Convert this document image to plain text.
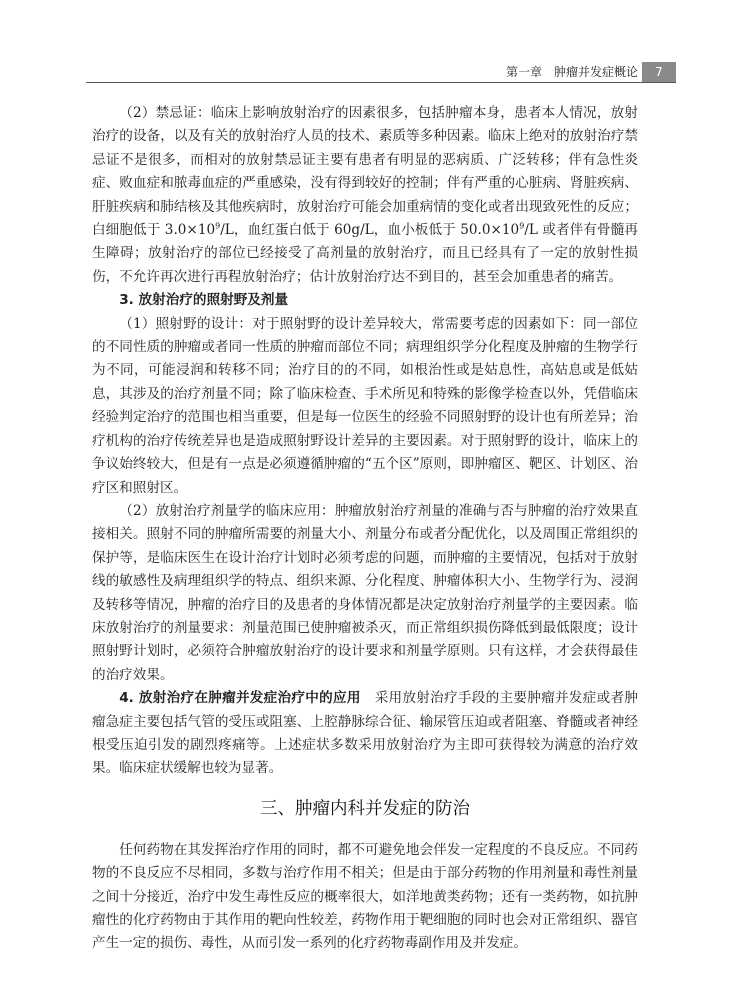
第一章　肿瘤并发症概论	7

（2）禁忌证：临床上影响放射治疗的因素很多，包括肿瘤本身，患者本人情况，放射治疗的设备，以及有关的放射治疗人员的技术、素质等多种因素。临床上绝对的放射治疗禁忌证不是很多，而相对的放射禁忌证主要有患者有明显的恶病质、广泛转移；伴有急性炎症、败血症和脓毒血症的严重感染，没有得到较好的控制；伴有严重的心脏病、肾脏疾病、肝脏疾病和肺结核及其他疾病时，放射治疗可能会加重病情的变化或者出现致死性的反应；白细胞低于 $3.0\times 10^9/L$，血红蛋白低于 60g/L，血小板低于 $50.0\times 10^9/L$ 或者伴有骨髓再生障碍；放射治疗的部位已经接受了高剂量的放射治疗，而且已经具有了一定的放射性损伤，不允许再次进行再程放射治疗；估计放射治疗达不到目的，甚至会加重患者的痛苦。

3. 放射治疗的照射野及剂量

（1）照射野的设计：对于照射野的设计差异较大，常需要考虑的因素如下：同一部位的不同性质的肿瘤或者同一性质的肿瘤而部位不同；病理组织学分化程度及肿瘤的生物学行为不同，可能浸润和转移不同；治疗目的的不同，如根治性或是姑息性，高姑息或是低姑息，其涉及的治疗剂量不同；除了临床检查、手术所见和特殊的影像学检查以外，凭借临床经验判定治疗的范围也相当重要，但是每一位医生的经验不同照射野的设计也有所差异；治疗机构的治疗传统差异也是造成照射野设计差异的主要因素。对于照射野的设计，临床上的争议始终较大，但是有一点是必须遵循肿瘤的“五个区”原则，即肿瘤区、靶区、计划区、治疗区和照射区。

（2）放射治疗剂量学的临床应用：肿瘤放射治疗剂量的准确与否与肿瘤的治疗效果直接相关。照射不同的肿瘤所需要的剂量大小、剂量分布或者分配优化，以及周围正常组织的保护等，是临床医生在设计治疗计划时必须考虑的问题，而肿瘤的主要情况，包括对于放射线的敏感性及病理组织学的特点、组织来源、分化程度、肿瘤体积大小、生物学行为、浸润及转移等情况，肿瘤的治疗目的及患者的身体情况都是决定放射治疗剂量学的主要因素。临床放射治疗的剂量要求：剂量范围已使肿瘤被杀灭，而正常组织损伤降低到最低限度；设计照射野计划时，必须符合肿瘤放射治疗的设计要求和剂量学原则。只有这样，才会获得最佳的治疗效果。

4. 放射治疗在肿瘤并发症治疗中的应用　 采用放射治疗手段的主要肿瘤并发症或者肿瘤急症主要包括气管的受压或阻塞、上腔静脉综合征、输尿管压迫或者阻塞、脊髓或者神经根受压迫引发的剧烈疼痛等。上述症状多数采用放射治疗为主即可获得较为满意的治疗效果。临床症状缓解也较为显著。

三、肿瘤内科并发症的防治

任何药物在其发挥治疗作用的同时，都不可避免地会伴发一定程度的不良反应。不同药物的不良反应不尽相同，多数与治疗作用不相关；但是由于部分药物的作用剂量和毒性剂量之间十分接近，治疗中发生毒性反应的概率很大，如洋地黄类药物；还有一类药物，如抗肿瘤性的化疗药物由于其作用的靶向性较差，药物作用于靶细胞的同时也会对正常组织、器官产生一定的损伤、毒性，从而引发一系列的化疗药物毒副作用及并发症。
